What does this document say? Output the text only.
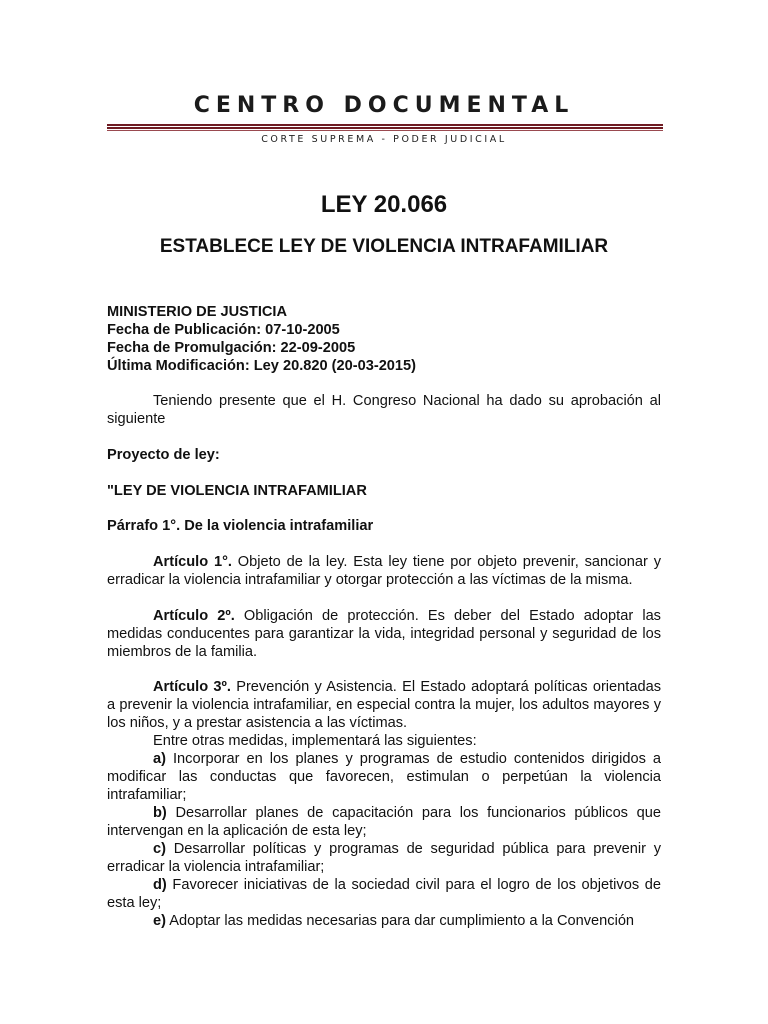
CENTRO DOCUMENTAL
CORTE SUPREMA - PODER JUDICIAL
LEY 20.066
ESTABLECE LEY DE VIOLENCIA INTRAFAMILIAR
MINISTERIO DE JUSTICIA
Fecha de Publicación: 07-10-2005
Fecha de Promulgación: 22-09-2005
Última Modificación: Ley 20.820 (20-03-2015)
Teniendo presente que el H. Congreso Nacional ha dado su aprobación al siguiente
Proyecto de ley:
"LEY DE VIOLENCIA INTRAFAMILIAR
Párrafo 1°. De la violencia intrafamiliar
Artículo 1°. Objeto de la ley. Esta ley tiene por objeto prevenir, sancionar y erradicar la violencia intrafamiliar y otorgar protección a las víctimas de la misma.
Artículo 2º. Obligación de protección. Es deber del Estado adoptar las medidas conducentes para garantizar la vida, integridad personal y seguridad de los miembros de la familia.
Artículo 3º. Prevención y Asistencia. El Estado adoptará políticas orientadas a prevenir la violencia intrafamiliar, en especial contra la mujer, los adultos mayores y los niños, y a prestar asistencia a las víctimas.
Entre otras medidas, implementará las siguientes:
a) Incorporar en los planes y programas de estudio contenidos dirigidos a modificar las conductas que favorecen, estimulan o perpetúan la violencia intrafamiliar;
b) Desarrollar planes de capacitación para los funcionarios públicos que intervengan en la aplicación de esta ley;
c) Desarrollar políticas y programas de seguridad pública para prevenir y erradicar la violencia intrafamiliar;
d) Favorecer iniciativas de la sociedad civil para el logro de los objetivos de esta ley;
e) Adoptar las medidas necesarias para dar cumplimiento a la Convención
